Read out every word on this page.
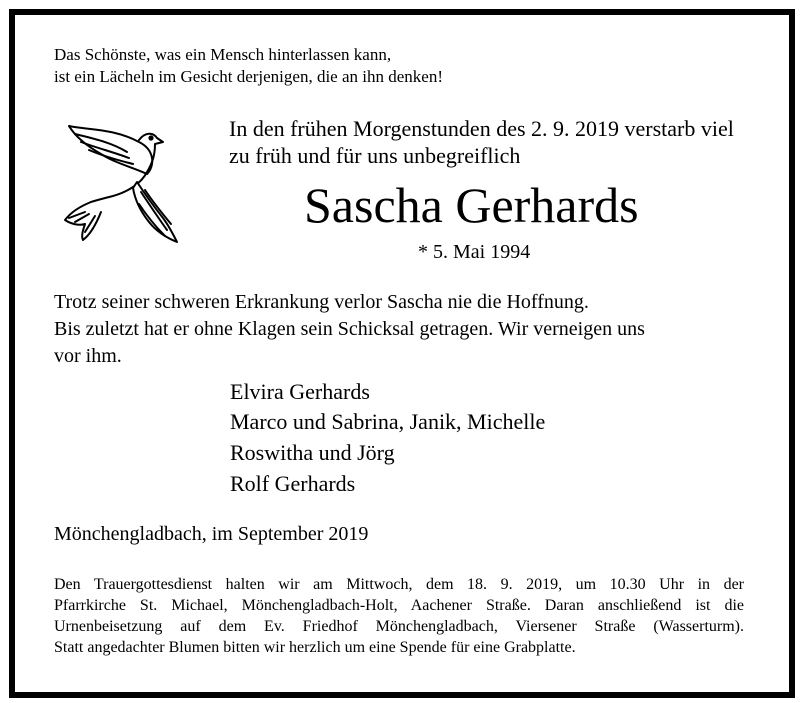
Das Schönste, was ein Mensch hinterlassen kann,
ist ein Lächeln im Gesicht derjenigen, die an ihn denken!
In den frühen Morgenstunden des 2. 9. 2019 verstarb viel
zu früh und für uns unbegreiflich
Sascha Gerhards
* 5. Mai 1994
Trotz seiner schweren Erkrankung verlor Sascha nie die Hoffnung.
Bis zuletzt hat er ohne Klagen sein Schicksal getragen. Wir verneigen uns
vor ihm.
Elvira Gerhards
Marco und Sabrina, Janik, Michelle
Roswitha und Jörg
Rolf Gerhards
Mönchengladbach, im September 2019
Den Trauergottesdienst halten wir am Mittwoch, dem 18. 9. 2019, um 10.30 Uhr in der
Pfarrkirche St. Michael, Mönchengladbach-Holt, Aachener Straße. Daran anschließend ist die
Urnenbeisetzung auf dem Ev. Friedhof Mönchengladbach, Viersener Straße (Wasserturm).
Statt angedachter Blumen bitten wir herzlich um eine Spende für eine Grabplatte.
